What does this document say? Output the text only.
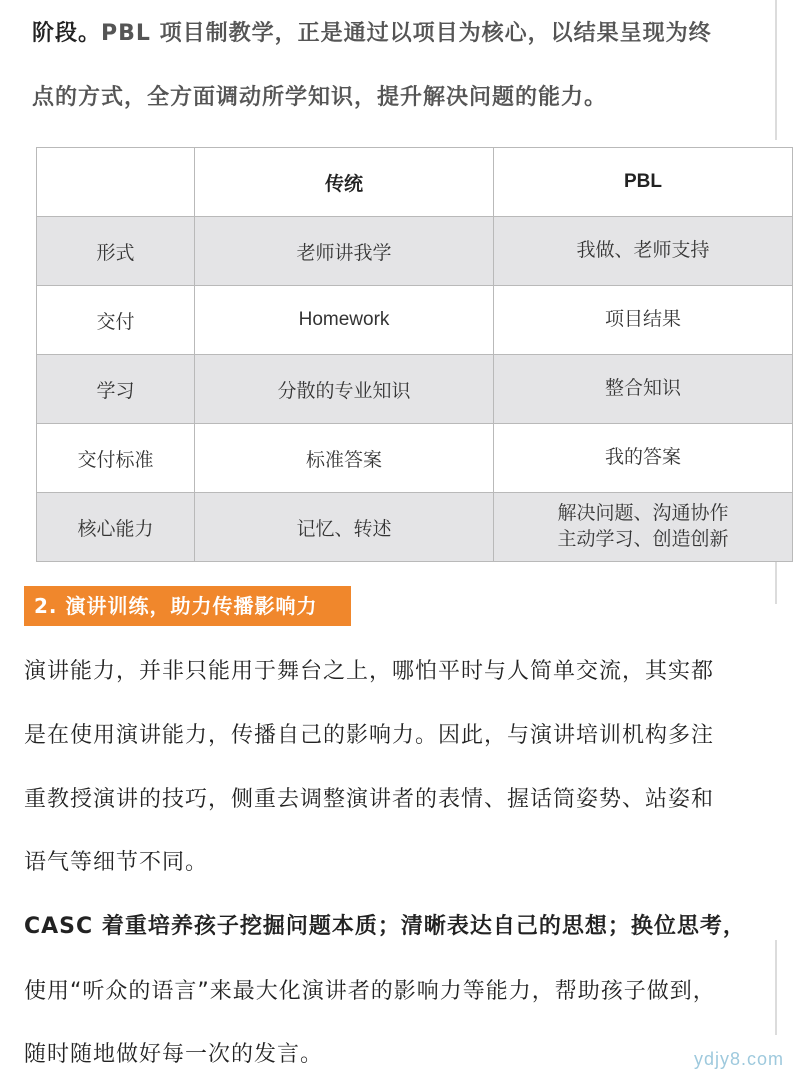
阶段。PBL 项目制教学，正是通过以项目为核心，以结果呈现为终
点的方式，全方面调动所学知识，提升解决问题的能力。
	传统	PBL
形式	老师讲我学	我做、老师支持

交付	Homework	项目结果

学习	分散的专业知识	整合知识

交付标准	标准答案	我的答案

核心能力	记忆、转述	解决问题、沟通协作
主动学习、创造创新
2. 演讲训练，助力传播影响力
演讲能力，并非只能用于舞台之上，哪怕平时与人简单交流，其实都
是在使用演讲能力，传播自己的影响力。因此，与演讲培训机构多注
重教授演讲的技巧，侧重去调整演讲者的表情、握话筒姿势、站姿和
语气等细节不同。
CASC 着重培养孩子挖掘问题本质；清晰表达自己的思想；换位思考，
使用“听众的语言”来最大化演讲者的影响力等能力，帮助孩子做到，
随时随地做好每一次的发言。	ydjy8.com
